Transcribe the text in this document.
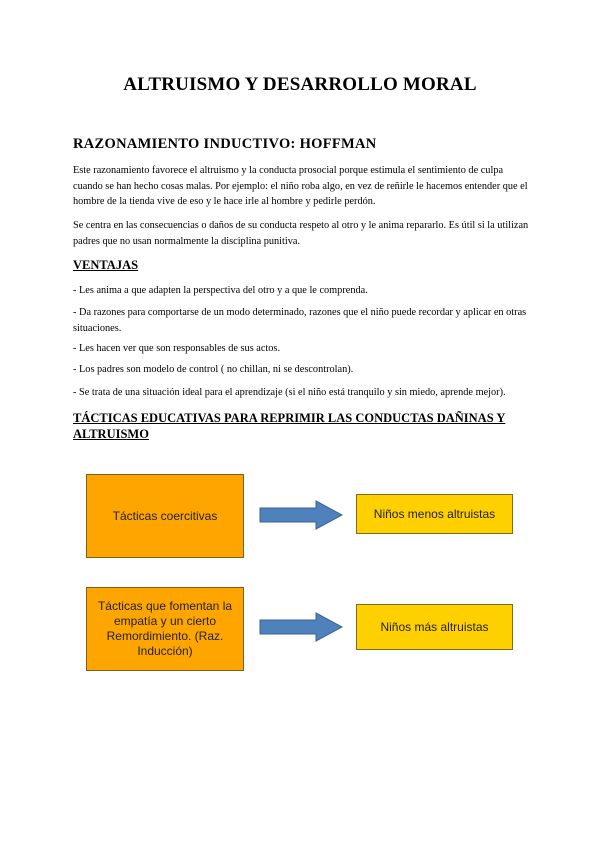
ALTRUISMO Y DESARROLLO MORAL
RAZONAMIENTO INDUCTIVO: HOFFMAN
Este razonamiento favorece el altruismo y la conducta prosocial porque estimula el sentimiento de culpa cuando se han hecho cosas malas. Por ejemplo: el niño roba algo, en vez de reñirle le hacemos entender que el hombre de la tienda vive de eso y le hace irle al hombre y pedirle perdón.
Se centra en las consecuencias o daños de su conducta respeto al otro y le anima repararlo. Es útil si la utilizan padres que no usan normalmente la disciplina punitiva.
VENTAJAS
- Les anima a que adapten la perspectiva del otro y a que le comprenda.
- Da razones para comportarse de un modo determinado, razones que el niño puede recordar y aplicar en otras situaciones.
- Les hacen ver que son responsables de sus actos.
- Los padres son modelo de control ( no chillan, ni se descontrolan).
- Se trata de una situación ideal para el aprendizaje (si el niño está tranquilo y sin miedo, aprende mejor).
TÁCTICAS EDUCATIVAS PARA REPRIMIR LAS CONDUCTAS DAÑINAS Y ALTRUISMO
Tácticas coercitivas	Niños menos altruistas
Tácticas que fomentan la empatía y un cierto Remordimiento. (Raz. Inducción)
Niños más altruistas
